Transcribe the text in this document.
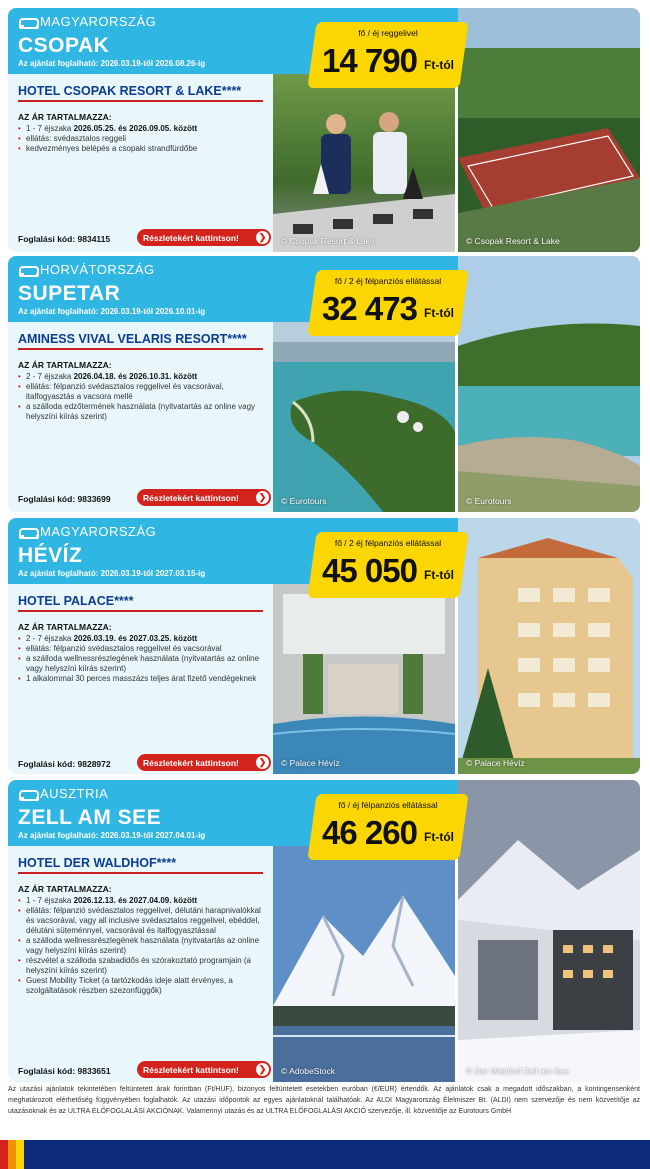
MAGYARORSZÁG
CSOPAK
Az ajánlat foglalható: 2026.03.19-től 2026.08.26-ig
HOTEL CSOPAK RESORT & LAKE****
AZ ÁR TARTALMAZZA:
• 1 - 7 éjszaka 2026.05.25. és 2026.09.05. között
• ellátás: svédasztalos reggeli
• kedvezményes belépés a csopaki strandfürdőbe
Foglalási kód: 9834115	Részletekért kattintson!	❯	© Csopak Resort & Lake	© Csopak Resort & Lake
fő / éj reggelivel
14 790 Ft-tól
HORVÁTORSZÁG
SUPETAR
Az ajánlat foglalható: 2026.03.19-től 2026.10.01-ig
AMINESS VIVAL VELARIS RESORT****
AZ ÁR TARTALMAZZA:
• 2 - 7 éjszaka 2026.04.18. és 2026.10.31. között
• ellátás: félpanzió svédasztalos reggelivel és vacsorával, italfogyasztás a vacsora mellé
• a szálloda edzőtermének használata (nyitvatartás az online vagy helyszíni kiírás szerint)
Foglalási kód: 9833699	Részletekért kattintson!	❯	© Eurotours	© Eurotours
fő / 2 éj félpanziós ellátással
32 473 Ft-tól
MAGYARORSZÁG
HÉVÍZ
Az ajánlat foglalható: 2026.03.19-től 2027.03.15-ig
HOTEL PALACE****
AZ ÁR TARTALMAZZA:
• 2 - 7 éjszaka 2026.03.19. és 2027.03.25. között
• ellátás: félpanzió svédasztalos reggelivel és vacsorával
• a szálloda wellnessrészlegének használata (nyitvatartás az online vagy helyszíni kiírás szerint)
• 1 alkalommal 30 perces masszázs teljes árat fizető vendégeknek
Foglalási kód: 9828972	Részletekért kattintson!	❯	© Palace Hévíz	© Palace Hévíz
fő / 2 éj félpanziós ellátással
45 050 Ft-tól
AUSZTRIA
ZELL AM SEE
Az ajánlat foglalható: 2026.03.19-től 2027.04.01-ig
HOTEL DER WALDHOF****
AZ ÁR TARTALMAZZA:
• 1 - 7 éjszaka 2026.12.13. és 2027.04.09. között
• ellátás: félpanzió svédasztalos reggelivel, délutáni harapnivalókkal és vacsorával, vagy all inclusive svédasztalos reggelivel, ebéddel, délutáni süteménnyel, vacsorával és italfogyasztással
• a szálloda wellnessrészlegének használata (nyitvatartás az online vagy helyszíni kiírás szerint)
• részvétel a szálloda szabadidős és szórakoztató programjain (a helyszíni kiírás szerint)
• Guest Mobility Ticket (a tartózkodás ideje alatt érvényes, a szolgáltatások részben szezonfüggők)
Foglalási kód: 9833651	Részletekért kattintson!	❯	© AdobeStock	© Der Waldhof Zell am See
fő / éj félpanziós ellátással
46 260 Ft-tól
Az utazási ajánlatok tekintetében feltüntetett árak forintban (Ft/HUF), bizonyos feltüntetett esetekben euróban (€/EUR) értendők. Az ajánlatok csak a megadott időszakban, a kontingensenként meghatározott elérhetőség függvényében foglalhatók. Az utazási időpontok az egyes ajánlatoknál találhatóak. Az ALDI Magyarország Élelmiszer Bt. (ALDI) nem szervezője és nem közvetítője az utazásoknak és az ULTRA ELŐFOGLALÁSI AKCIÓNAK. Valamennyi utazás és az ULTRA ELŐFOGLALÁSI AKCIÓ szervezője, ill. közvetítője az Eurotours GmbH
